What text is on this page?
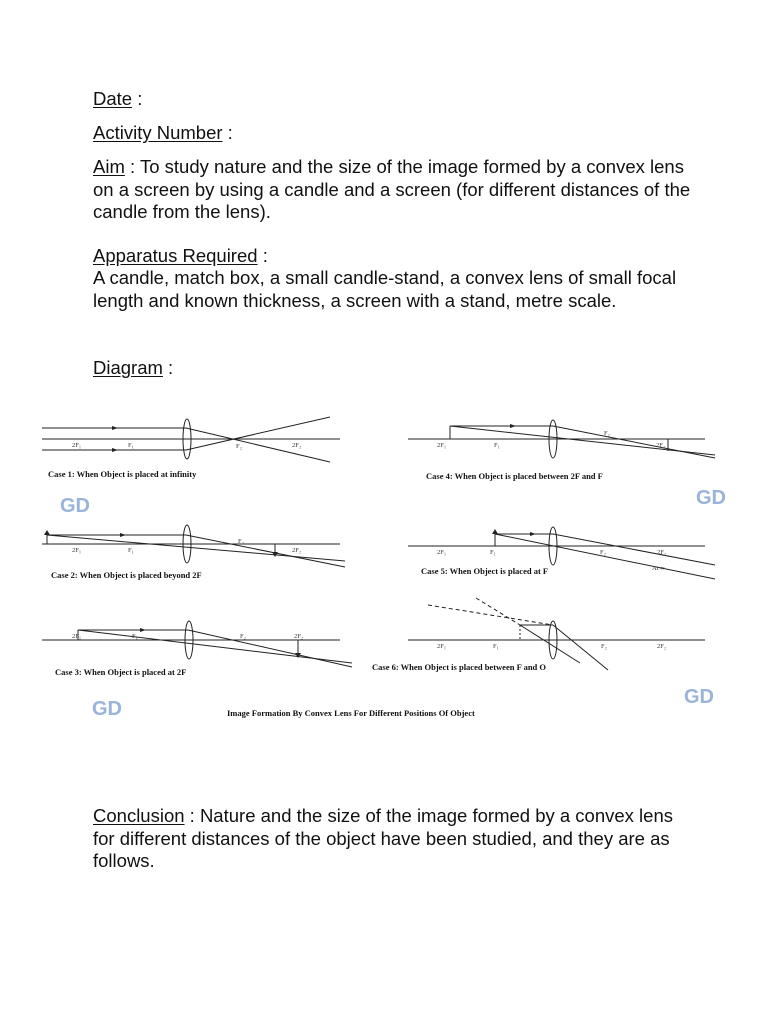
Date :

Activity Number :

Aim : To study nature and the size of the image formed by a convex lens on a screen by using a candle and a screen (for different distances of the candle from the lens).

Apparatus Required :

A candle, match box, a small candle-stand, a convex lens of small focal length and known thickness, a screen with a stand, metre scale.

Diagram :

2F₁	F₁	F₂	2F₂	2F₁	F₁
F₂
2F₂
2F₁	F₁
F₂
2F₂	2F₁	F₁	F₂	2F₂
At ∞
2F₁	F₁	F₂	2F₂
2F₁	F₁	F₂	2F₂
Case 1: When Object is placed at infinity	Case 4: When Object is placed between 2F and F
Case 2: When Object is placed beyond 2F	Case 5: When Object is placed at F
Case 3: When Object is placed at 2F	Case 6: When Object is placed between F and O
GD	GD
GD
GD
Image Formation By Convex Lens For Different Positions Of Object

Conclusion : Nature and the size of the image formed by a convex lens for different distances of the object have been studied, and they are as follows.
